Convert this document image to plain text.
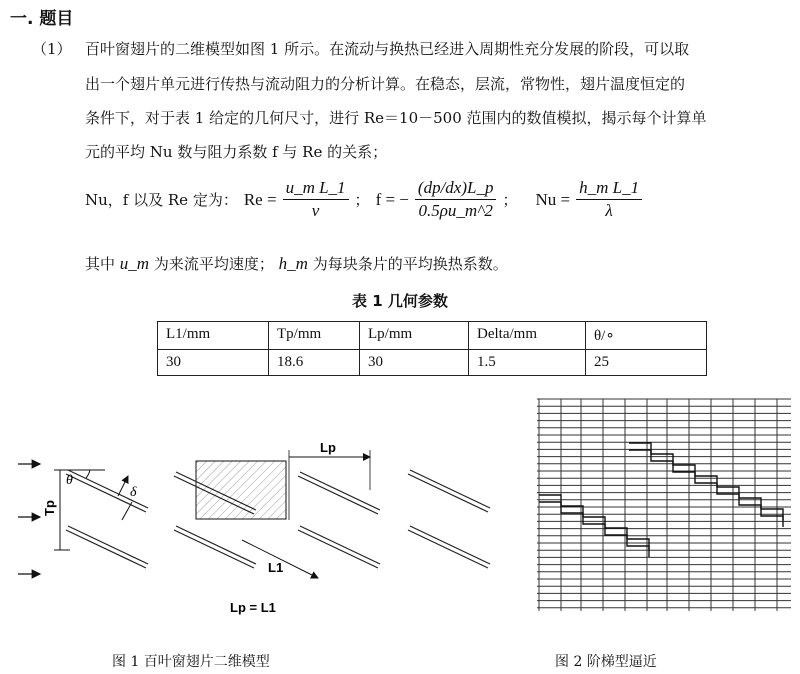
一. 题目
（1） 百叶窗翅片的二维模型如图 1 所示。在流动与换热已经进入周期性充分发展的阶段，可以取
出一个翅片单元进行传热与流动阻力的分析计算。在稳态，层流，常物性，翅片温度恒定的
条件下，对于表 1 给定的几何尺寸，进行 Re＝10－500 范围内的数值模拟，揭示每个计算单
元的平均 Nu 数与阻力系数 f 与 Re 的关系；
Nu，f 以及 Re 定为： $Re = \frac{\text{u\_m L\_1}}{\nu}$ ； f = − $\frac{(dp/dx)L\_p}{0.5\rho u\_m\^{}2}$ ； $Nu = \frac{\text{h\_m L\_1}}{\lambda}$
其中 u_m 为来流平均速度； h_m 为每块条片的平均换热系数。
表 1 几何参数
L1/mm	Tp/mm	Lp/mm	Delta/mm	θ/∘
30	18.6	30	1.5	25
Tp
θ
δ
Lp
L1
Lp = L1
图 1 百叶窗翅片二维模型	图 2 阶梯型逼近
